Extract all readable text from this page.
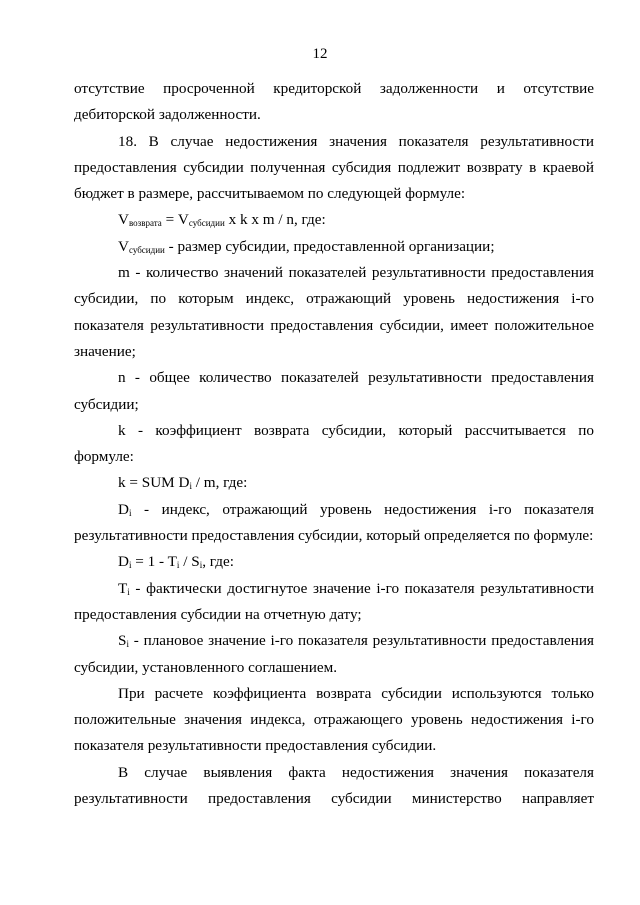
12

отсутствие просроченной кредиторской задолженности и отсутствие дебиторской задолженности.

18. В случае недостижения значения показателя результативности предоставления субсидии полученная субсидия подлежит возврату в краевой бюджет в размере, рассчитываемом по следующей формуле:

$V_{возврата} = V_{субсидии}$ x k x m / n, где:

$V_{субсидии}$ - размер субсидии, предоставленной организации;

m - количество значений показателей результативности предоставления субсидии, по которым индекс, отражающий уровень недостижения i-го показателя результативности предоставления субсидии, имеет положительное значение;

n - общее количество показателей результативности предоставления субсидии;

k - коэффициент возврата субсидии, который рассчитывается по формуле:

k = SUM $D_i$ / m, где:

$D_i$ - индекс, отражающий уровень недостижения i-го показателя результативности предоставления субсидии, который определяется по формуле:

$D_i = 1 - T_i / S_i$, где:

$T_i$ - фактически достигнутое значение i-го показателя результативности предоставления субсидии на отчетную дату;

$S_i$ - плановое значение i-го показателя результативности предоставления субсидии, установленного соглашением.

При расчете коэффициента возврата субсидии используются только положительные значения индекса, отражающего уровень недостижения i-го показателя результативности предоставления субсидии.

В случае выявления факта недостижения значения показателя результативности предоставления субсидии министерство направляет
